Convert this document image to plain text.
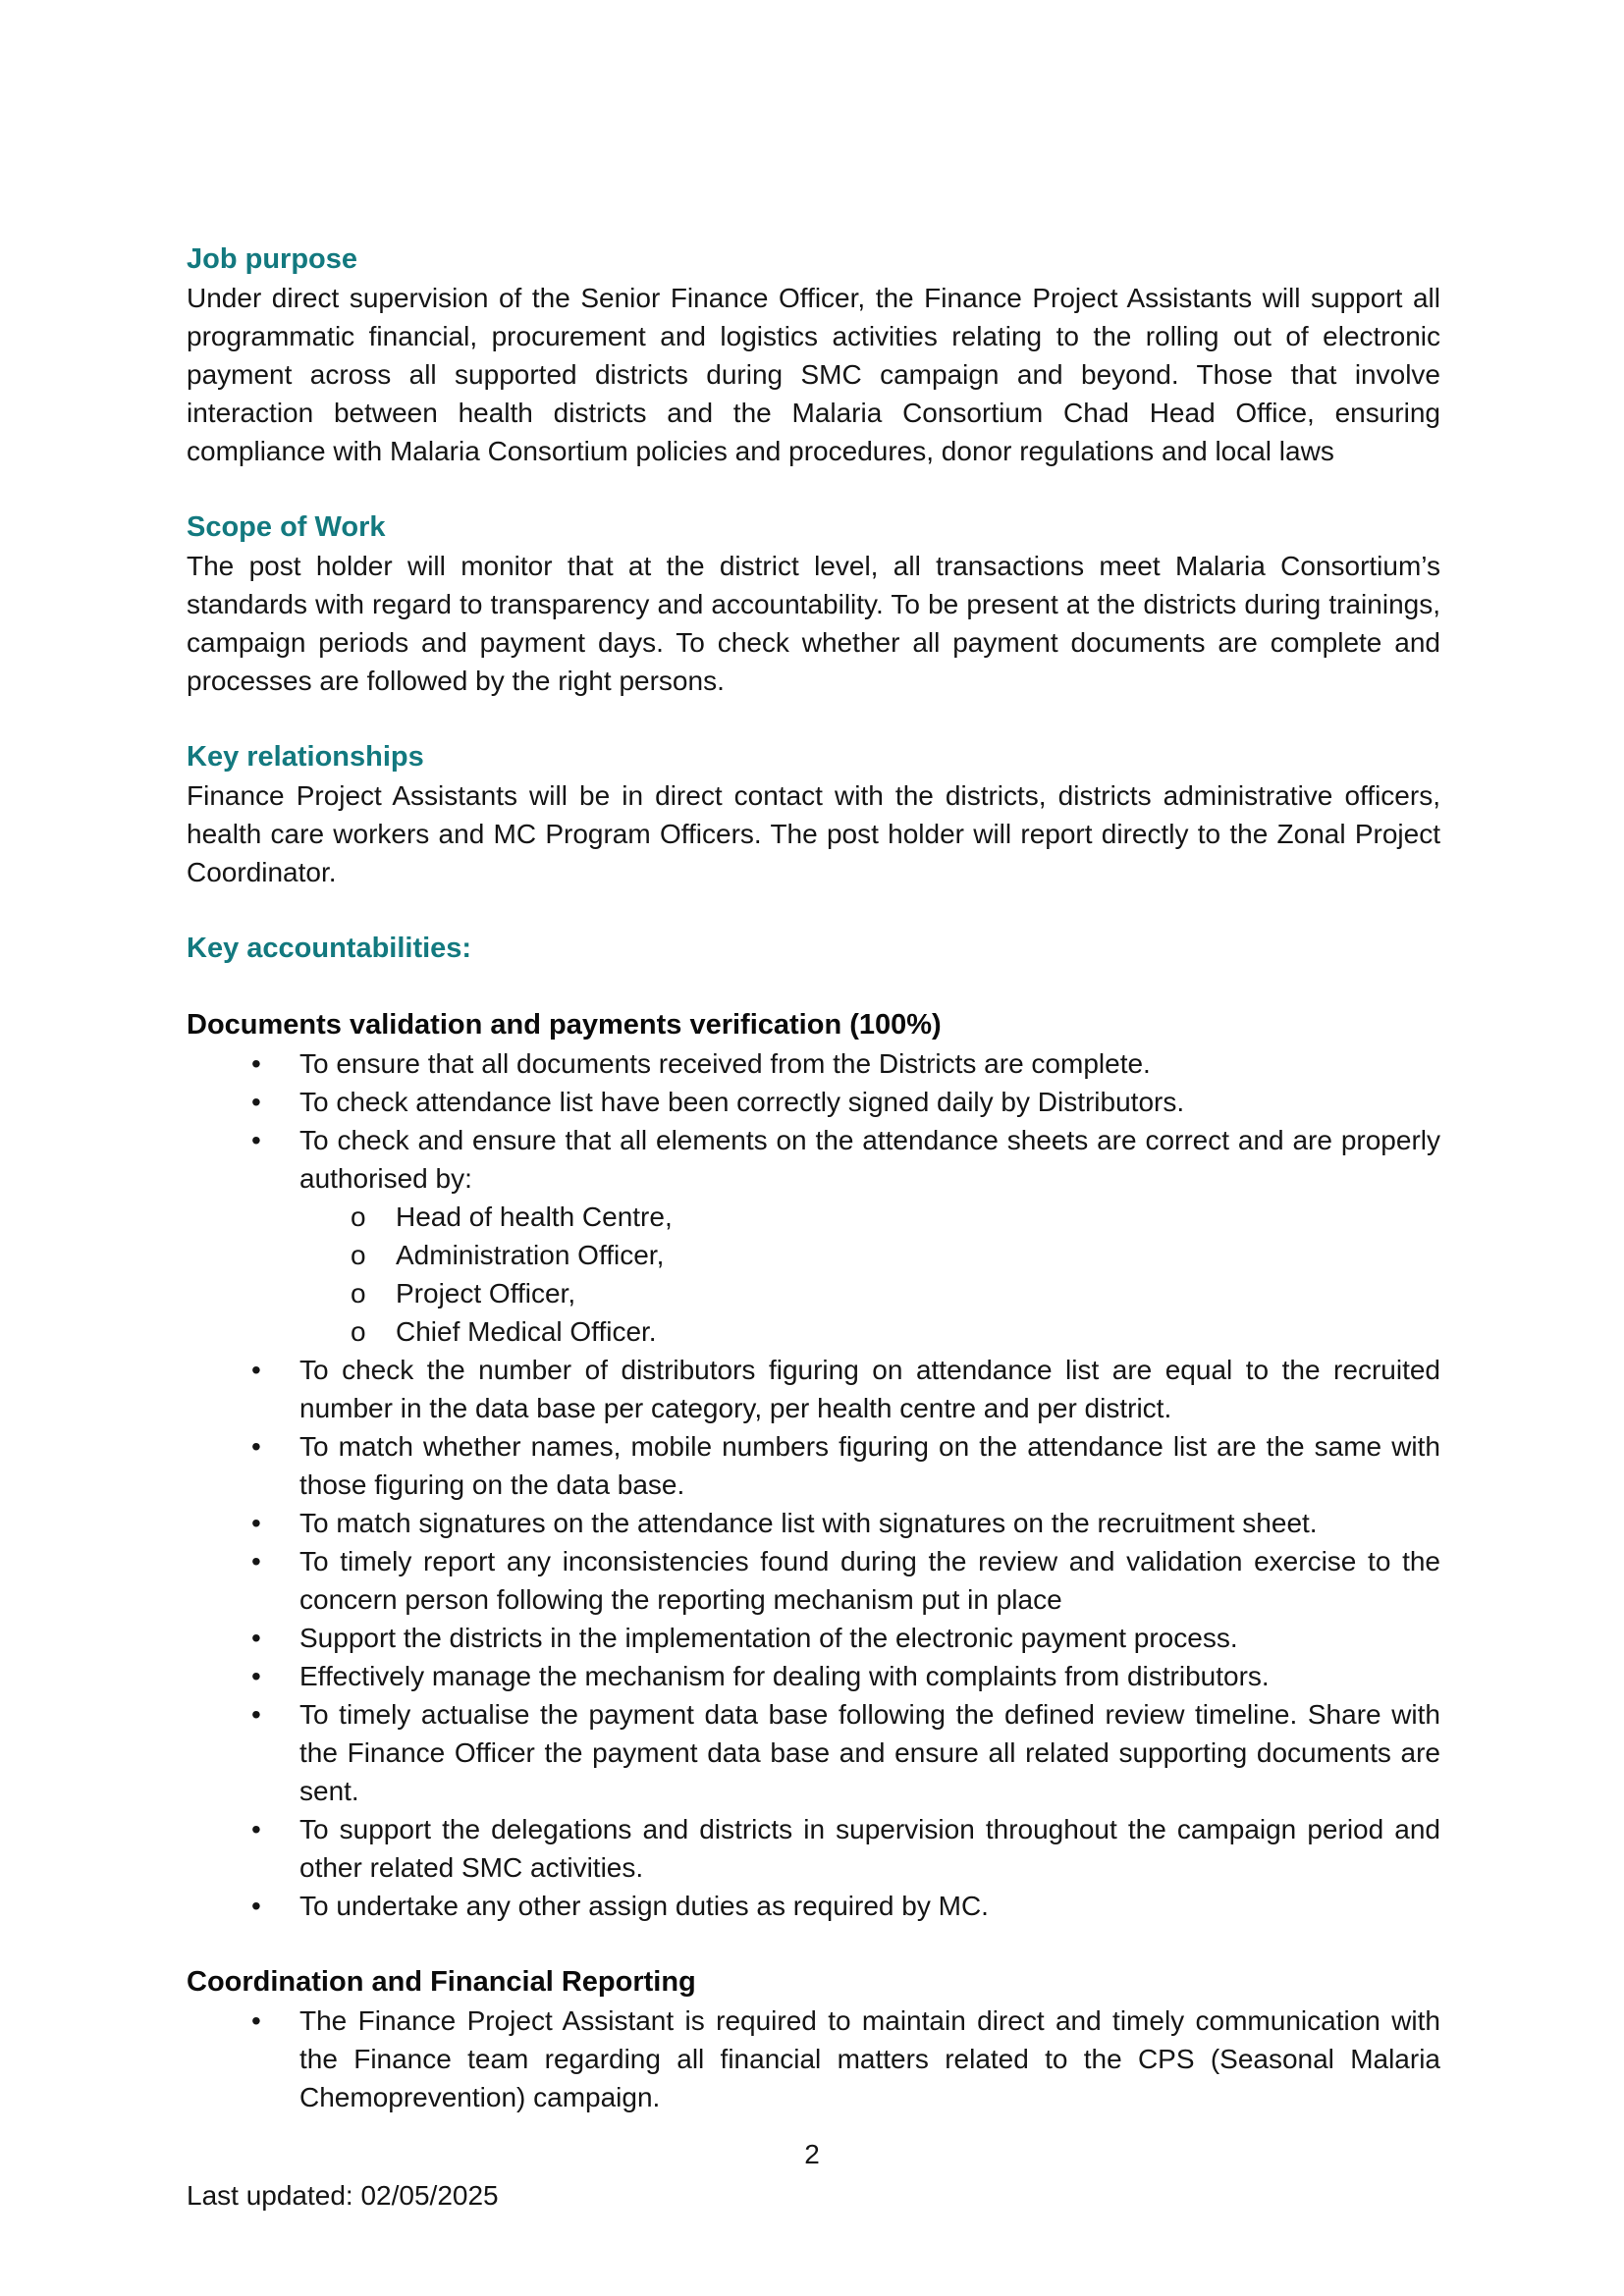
Job purpose

Under direct supervision of the Senior Finance Officer, the Finance Project Assistants will support all programmatic financial, procurement and logistics activities relating to the rolling out of electronic payment across all supported districts during SMC campaign and beyond. Those that involve interaction between health districts and the Malaria Consortium Chad Head Office, ensuring compliance with Malaria Consortium policies and procedures, donor regulations and local laws

Scope of Work

The post holder will monitor that at the district level, all transactions meet Malaria Consortium’s standards with regard to transparency and accountability. To be present at the districts during trainings, campaign periods and payment days. To check whether all payment documents are complete and processes are followed by the right persons.

Key relationships

Finance Project Assistants will be in direct contact with the districts, districts administrative officers, health care workers and MC Program Officers. The post holder will report directly to the Zonal Project Coordinator.

Key accountabilities:
Documents validation and payments verification (100%)
• To ensure that all documents received from the Districts are complete.
• To check attendance list have been correctly signed daily by Distributors.
• To check and ensure that all elements on the attendance sheets are correct and are properly authorised by:
o Head of health Centre,
o Administration Officer,
o Project Officer,
o Chief Medical Officer.
• To check the number of distributors figuring on attendance list are equal to the recruited number in the data base per category, per health centre and per district.
• To match whether names, mobile numbers figuring on the attendance list are the same with those figuring on the data base.
• To match signatures on the attendance list with signatures on the recruitment sheet.
• To timely report any inconsistencies found during the review and validation exercise to the concern person following the reporting mechanism put in place
• Support the districts in the implementation of the electronic payment process.
• Effectively manage the mechanism for dealing with complaints from distributors.
• To timely actualise the payment data base following the defined review timeline. Share with the Finance Officer the payment data base and ensure all related supporting documents are sent.
• To support the delegations and districts in supervision throughout the campaign period and other related SMC activities.
• To undertake any other assign duties as required by MC.
Coordination and Financial Reporting
• The Finance Project Assistant is required to maintain direct and timely communication with the Finance team regarding all financial matters related to the CPS (Seasonal Malaria Chemoprevention) campaign.
2
Last updated: 02/05/2025
